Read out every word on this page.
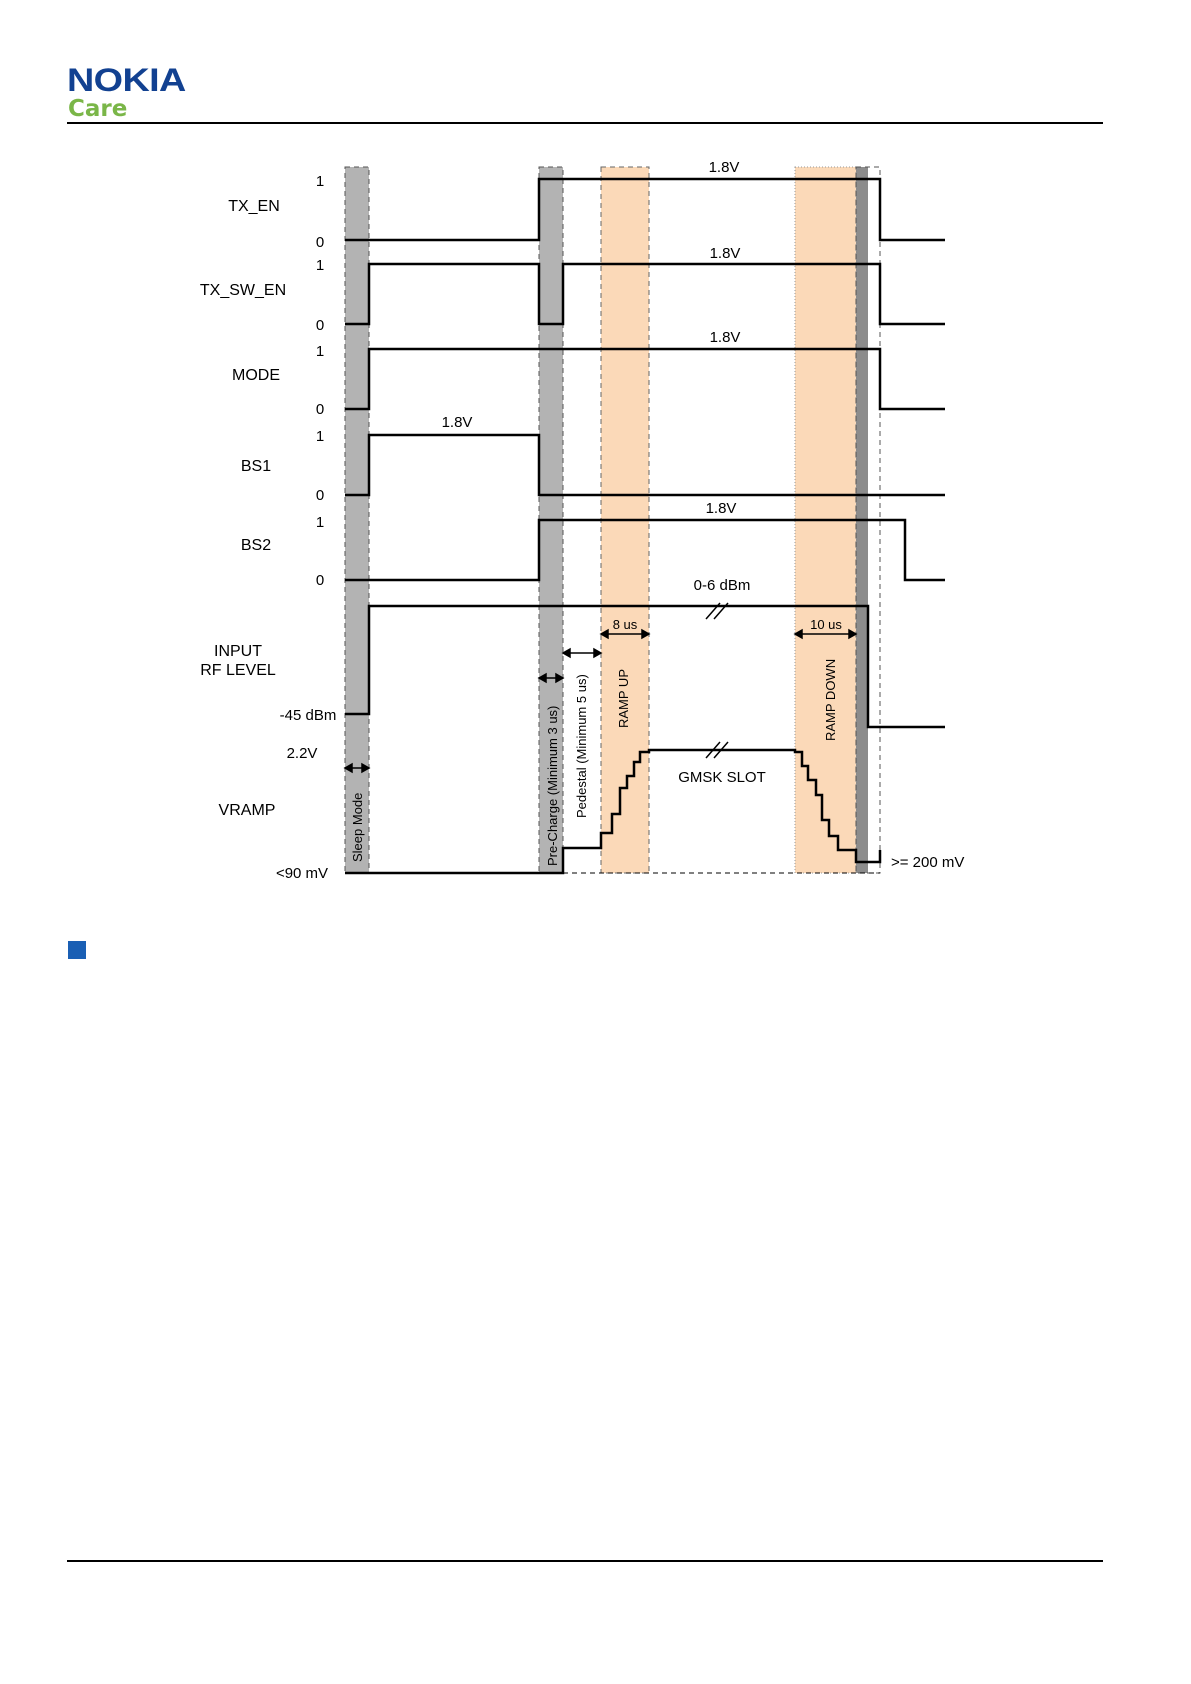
NOKIA
Care
TX_EN
TX_SW_EN
MODE
BS1
BS2
INPUT
RF LEVEL
VRAMP
1
0
1
0
1
0
1
0
1
0
-45 dBm
2.2V
<90 mV
1.8V
1.8V
1.8V
1.8V
1.8V
0-6 dBm
>= 200 mV
GMSK SLOT
8 us	10 us
Sleep Mode	Pre-Charge (Minimum 3 us) Pedestal (Minimum 5 us) RAMP UP	RAMP DOWN
